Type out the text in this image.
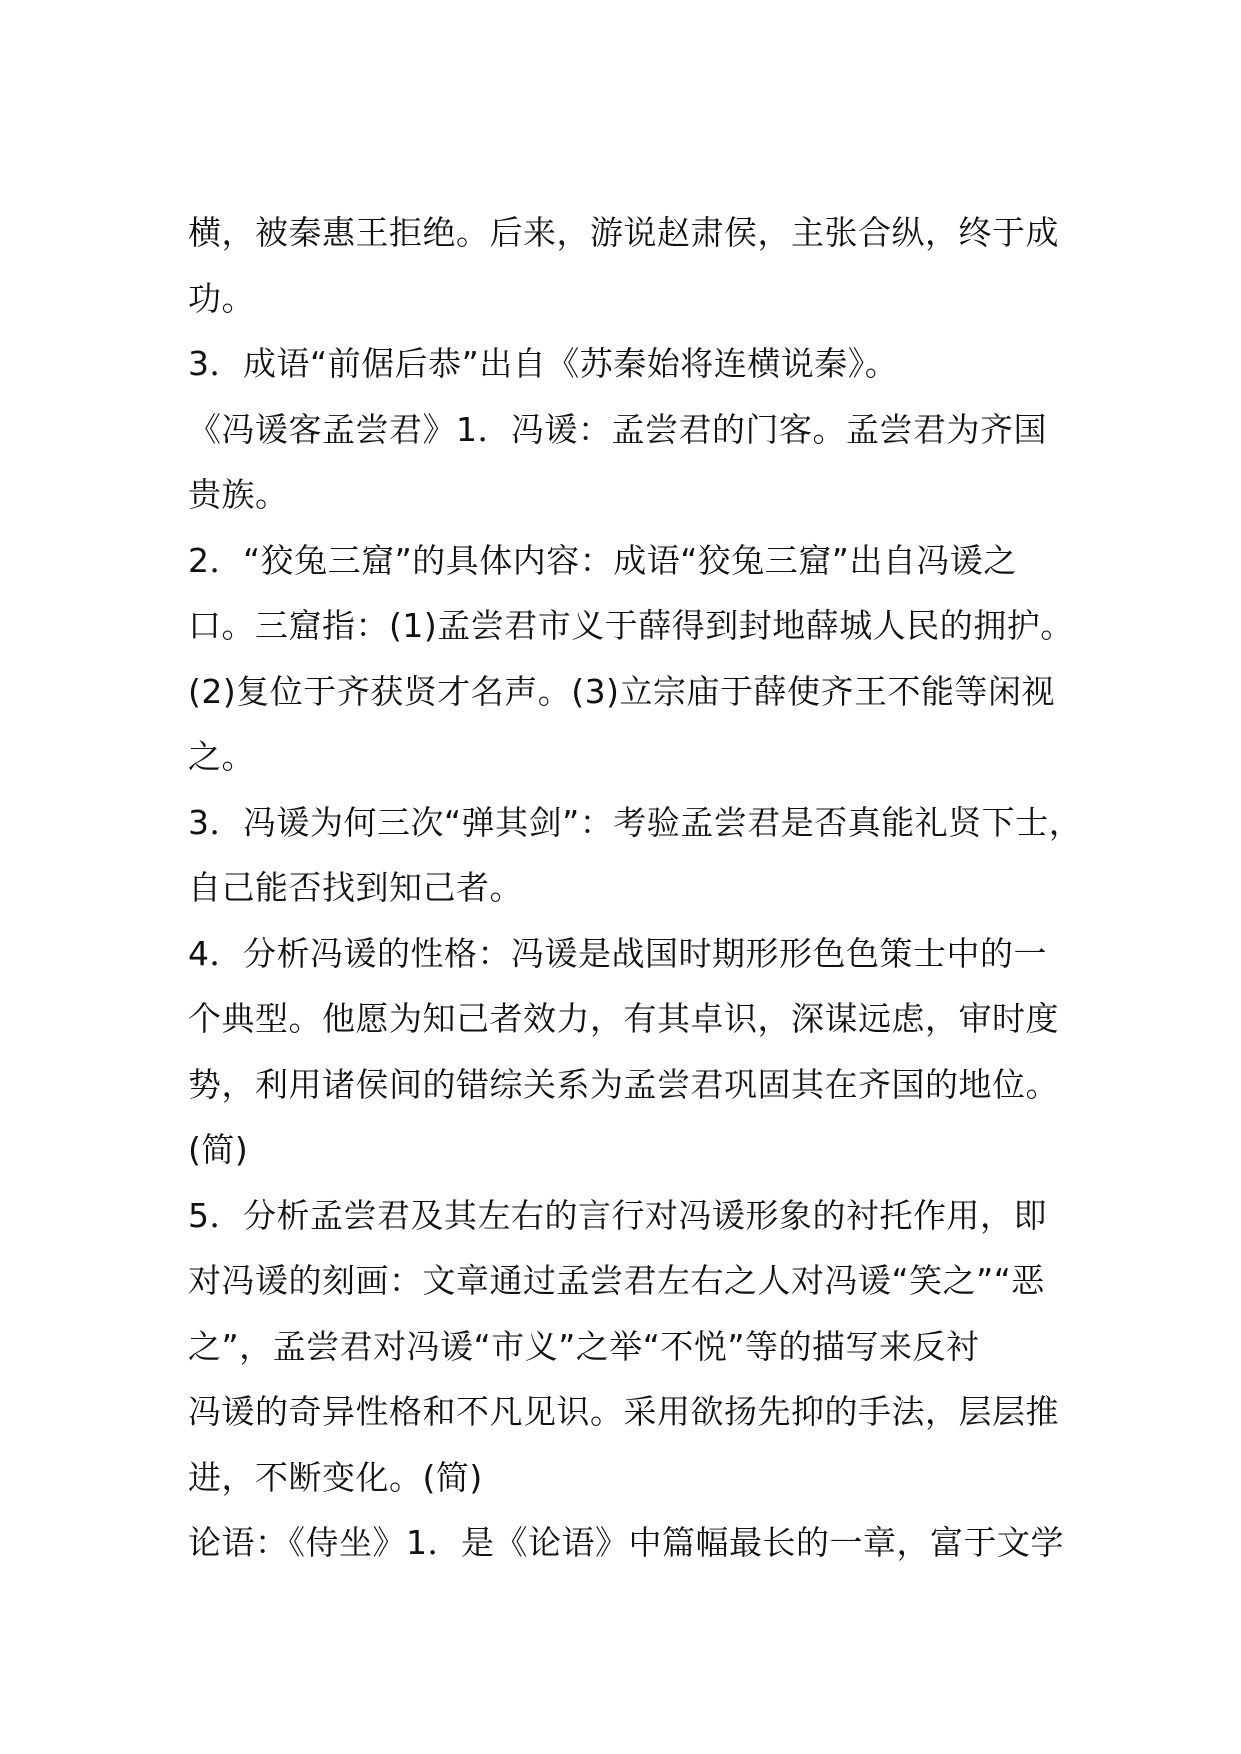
横，被秦惠王拒绝。后来，游说赵肃侯，主张合纵，终于成
功。
3．成语“前倨后恭”出自《苏秦始将连横说秦》。
《冯谖客孟尝君》1．冯谖：孟尝君的门客。孟尝君为齐国
贵族。
2．“狡兔三窟”的具体内容：成语“狡兔三窟”出自冯谖之
口。三窟指：(1)孟尝君市义于薛得到封地薛城人民的拥护。
(2)复位于齐获贤才名声。(3)立宗庙于薛使齐王不能等闲视
之。
3．冯谖为何三次“弹其剑”：考验孟尝君是否真能礼贤下士，
自己能否找到知己者。
4．分析冯谖的性格：冯谖是战国时期形形色色策士中的一
个典型。他愿为知己者效力，有其卓识，深谋远虑，审时度
势，利用诸侯间的错综关系为孟尝君巩固其在齐国的地位。
(简)
5．分析孟尝君及其左右的言行对冯谖形象的衬托作用，即
对冯谖的刻画：文章通过孟尝君左右之人对冯谖“笑之”“恶
之”，孟尝君对冯谖“市义”之举“不悦”等的描写来反衬
冯谖的奇异性格和不凡见识。采用欲扬先抑的手法，层层推
进，不断变化。(简)
论语：《侍坐》1．是《论语》中篇幅最长的一章，富于文学
